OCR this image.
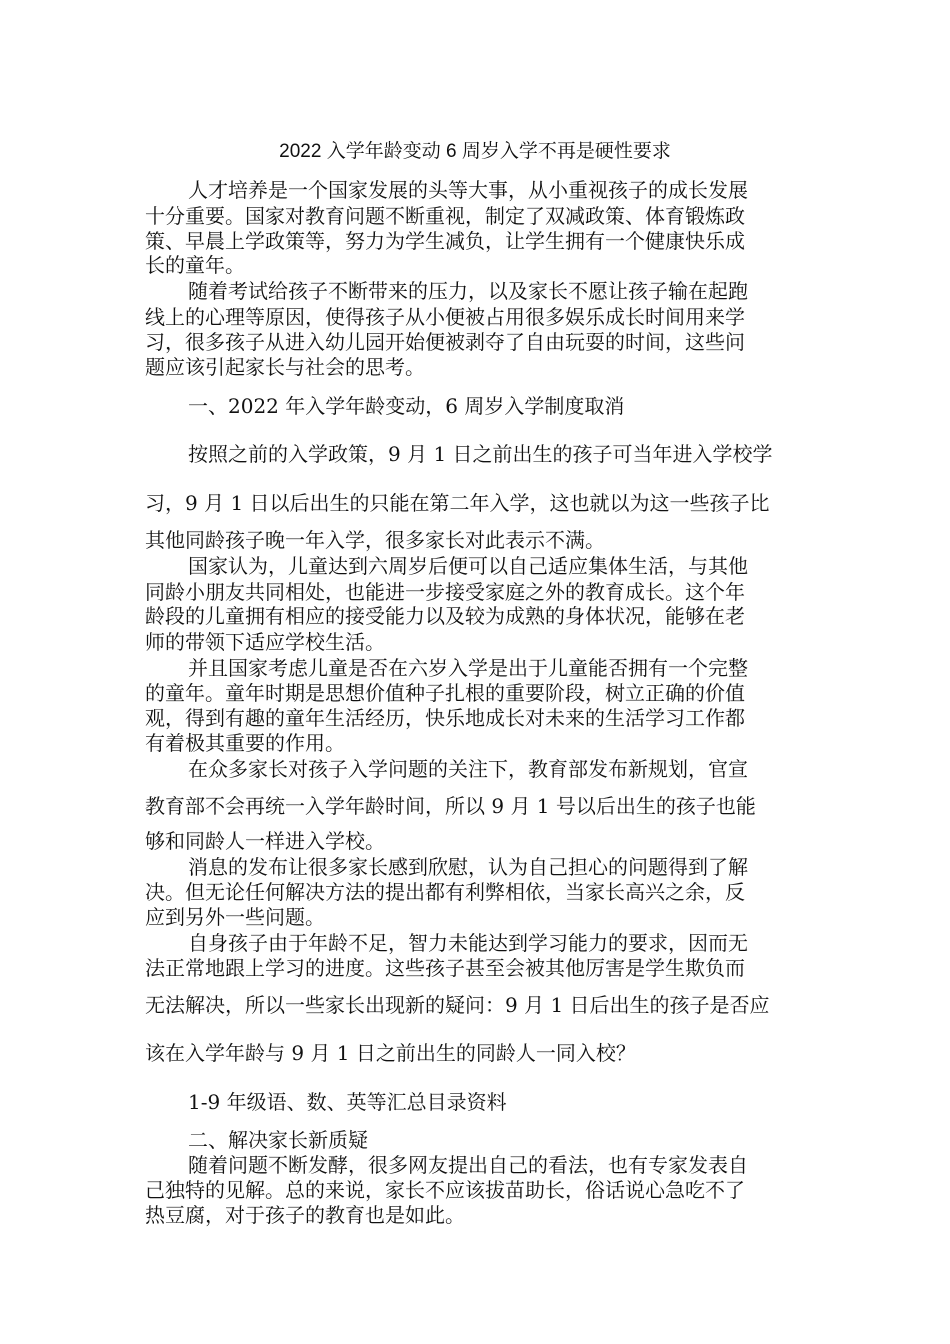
2022 入学年龄变动 6 周岁入学不再是硬性要求
人才培养是一个国家发展的头等大事，从小重视孩子的成长发展
十分重要。国家对教育问题不断重视，制定了双减政策、体育锻炼政
策、早晨上学政策等，努力为学生减负，让学生拥有一个健康快乐成
长的童年。
随着考试给孩子不断带来的压力，以及家长不愿让孩子输在起跑
线上的心理等原因，使得孩子从小便被占用很多娱乐成长时间用来学
习，很多孩子从进入幼儿园开始便被剥夺了自由玩耍的时间，这些问
题应该引起家长与社会的思考。
一、2022 年入学年龄变动，6 周岁入学制度取消
按照之前的入学政策，9 月 1 日之前出生的孩子可当年进入学校学
习，9 月 1 日以后出生的只能在第二年入学，这也就以为这一些孩子比
其他同龄孩子晚一年入学，很多家长对此表示不满。
国家认为，儿童达到六周岁后便可以自己适应集体生活，与其他
同龄小朋友共同相处，也能进一步接受家庭之外的教育成长。这个年
龄段的儿童拥有相应的接受能力以及较为成熟的身体状况，能够在老
师的带领下适应学校生活。
并且国家考虑儿童是否在六岁入学是出于儿童能否拥有一个完整
的童年。童年时期是思想价值种子扎根的重要阶段，树立正确的价值
观，得到有趣的童年生活经历，快乐地成长对未来的生活学习工作都
有着极其重要的作用。
在众多家长对孩子入学问题的关注下，教育部发布新规划，官宣
教育部不会再统一入学年龄时间，所以 9 月 1 号以后出生的孩子也能
够和同龄人一样进入学校。
消息的发布让很多家长感到欣慰，认为自己担心的问题得到了解
决。但无论任何解决方法的提出都有利弊相依，当家长高兴之余，反
应到另外一些问题。
自身孩子由于年龄不足，智力未能达到学习能力的要求，因而无
法正常地跟上学习的进度。这些孩子甚至会被其他厉害是学生欺负而
无法解决，所以一些家长出现新的疑问：9 月 1 日后出生的孩子是否应
该在入学年龄与 9 月 1 日之前出生的同龄人一同入校？
1-9 年级语、数、英等汇总目录资料
二、解决家长新质疑
随着问题不断发酵，很多网友提出自己的看法，也有专家发表自
己独特的见解。总的来说，家长不应该拔苗助长，俗话说心急吃不了
热豆腐，对于孩子的教育也是如此。
